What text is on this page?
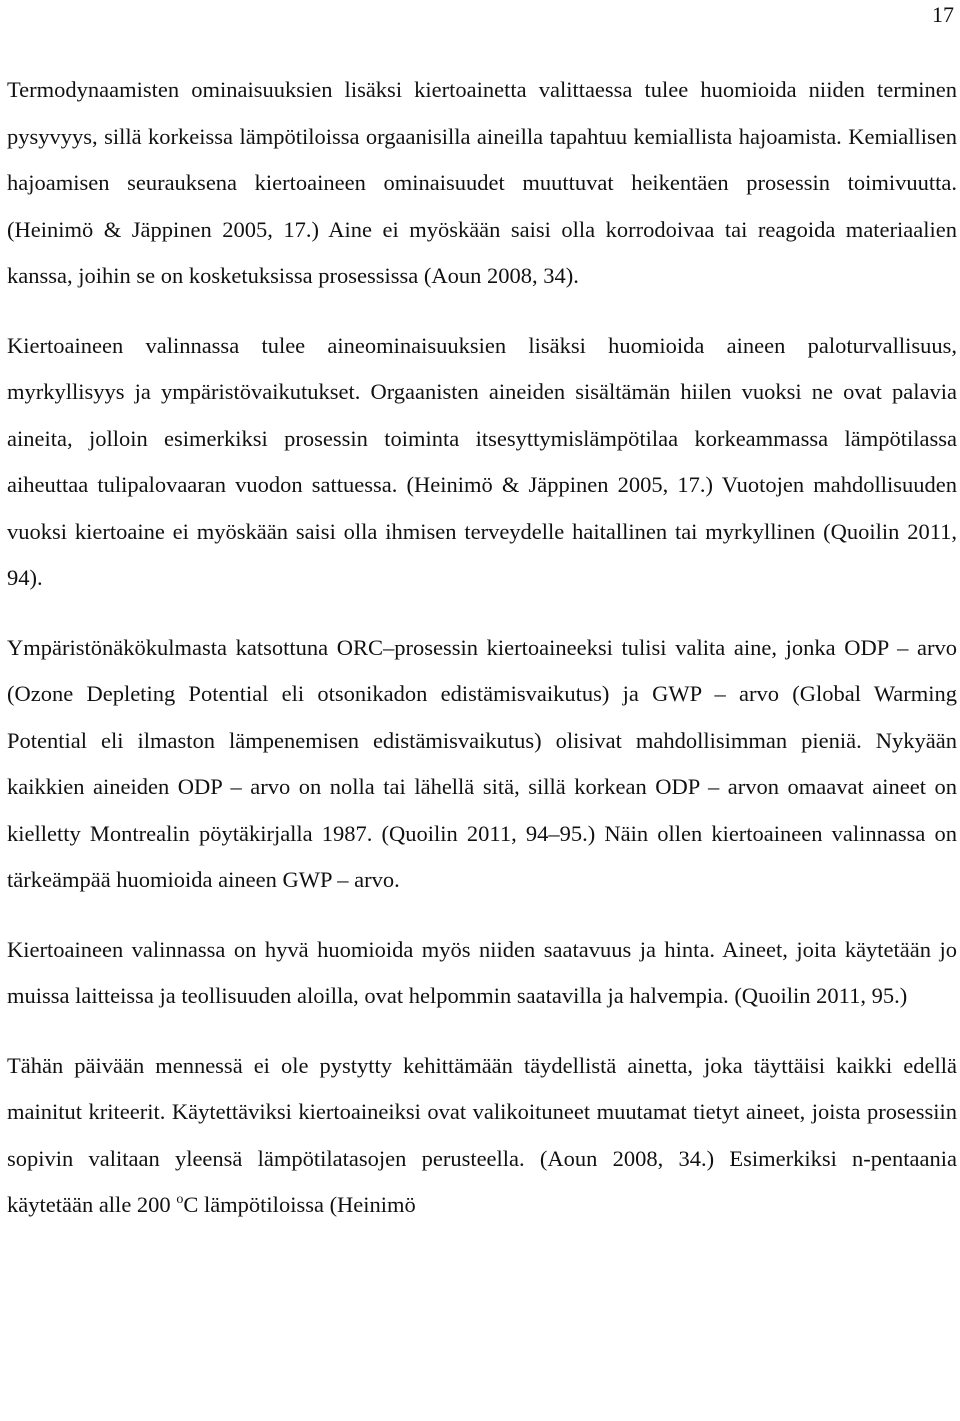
17

Termodynaamisten ominaisuuksien lisäksi kiertoainetta valittaessa tulee huomioida niiden terminen pysyvyys, sillä korkeissa lämpötiloissa orgaanisilla aineilla tapahtuu kemiallista hajoamista. Kemiallisen hajoamisen seurauksena kiertoaineen ominaisuudet muuttuvat heikentäen prosessin toimivuutta. (Heinimö & Jäppinen 2005, 17.) Aine ei myöskään saisi olla korrodoivaa tai reagoida materiaalien kanssa, joihin se on kosketuksissa prosessissa (Aoun 2008, 34).

Kiertoaineen valinnassa tulee aineominaisuuksien lisäksi huomioida aineen paloturvallisuus, myrkyllisyys ja ympäristövaikutukset. Orgaanisten aineiden sisältämän hiilen vuoksi ne ovat palavia aineita, jolloin esimerkiksi prosessin toiminta itsesyttymislämpötilaa korkeammassa lämpötilassa aiheuttaa tulipalovaaran vuodon sattuessa. (Heinimö & Jäppinen 2005, 17.) Vuotojen mahdollisuuden vuoksi kiertoaine ei myöskään saisi olla ihmisen terveydelle haitallinen tai myrkyllinen (Quoilin 2011, 94).

Ympäristönäkökulmasta katsottuna ORC–prosessin kiertoaineeksi tulisi valita aine, jonka ODP – arvo (Ozone Depleting Potential eli otsonikadon edistämisvaikutus) ja GWP – arvo (Global Warming Potential eli ilmaston lämpenemisen edistämisvaikutus) olisivat mahdollisimman pieniä. Nykyään kaikkien aineiden ODP – arvo on nolla tai lähellä sitä, sillä korkean ODP – arvon omaavat aineet on kielletty Montrealin pöytäkirjalla 1987. (Quoilin 2011, 94–95.) Näin ollen kiertoaineen valinnassa on tärkeämpää huomioida aineen GWP – arvo.

Kiertoaineen valinnassa on hyvä huomioida myös niiden saatavuus ja hinta. Aineet, joita käytetään jo muissa laitteissa ja teollisuuden aloilla, ovat helpommin saatavilla ja halvempia. (Quoilin 2011, 95.)

Tähän päivään mennessä ei ole pystytty kehittämään täydellistä ainetta, joka täyttäisi kaikki edellä mainitut kriteerit. Käytettäviksi kiertoaineiksi ovat valikoituneet muutamat tietyt aineet, joista prosessiin sopivin valitaan yleensä lämpötilatasojen perusteella. (Aoun 2008, 34.) Esimerkiksi n-pentaania käytetään alle 200 $^o$C lämpötiloissa (Heinimö
